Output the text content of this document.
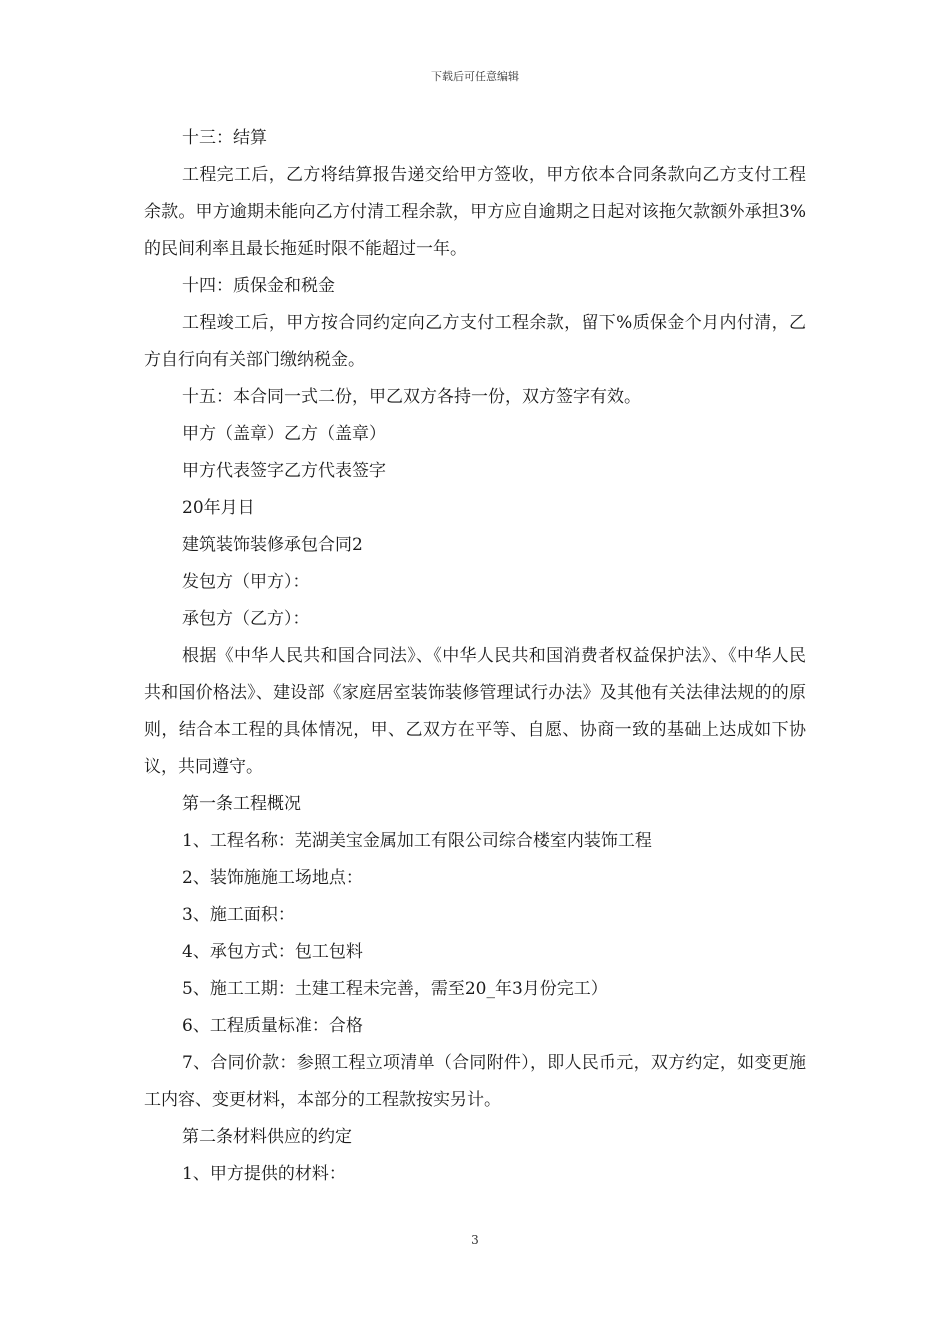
下载后可任意编辑

十三：结算

工程完工后，乙方将结算报告递交给甲方签收，甲方依本合同条款向乙方支付工程余款。甲方逾期未能向乙方付清工程余款，甲方应自逾期之日起对该拖欠款额外承担3%的民间利率且最长拖延时限不能超过一年。

十四：质保金和税金

工程竣工后，甲方按合同约定向乙方支付工程余款，留下%质保金个月内付清，乙方自行向有关部门缴纳税金。

十五：本合同一式二份，甲乙双方各持一份，双方签字有效。

甲方（盖章）乙方（盖章）

甲方代表签字乙方代表签字

20年月日

建筑装饰装修承包合同2

发包方（甲方）：

承包方（乙方）：

根据《中华人民共和国合同法》、《中华人民共和国消费者权益保护法》、《中华人民共和国价格法》、建设部《家庭居室装饰装修管理试行办法》及其他有关法律法规的的原则，结合本工程的具体情况，甲、乙双方在平等、自愿、协商一致的基础上达成如下协议，共同遵守。

第一条工程概况

1、工程名称：芜湖美宝金属加工有限公司综合楼室内装饰工程

2、装饰施施工场地点：

3、施工面积：

4、承包方式：包工包料

5、施工工期：土建工程未完善，需至20_年3月份完工）

6、工程质量标准：合格

7、合同价款：参照工程立项清单（合同附件），即人民币元，双方约定，如变更施工内容、变更材料，本部分的工程款按实另计。

第二条材料供应的约定

1、甲方提供的材料：

3
